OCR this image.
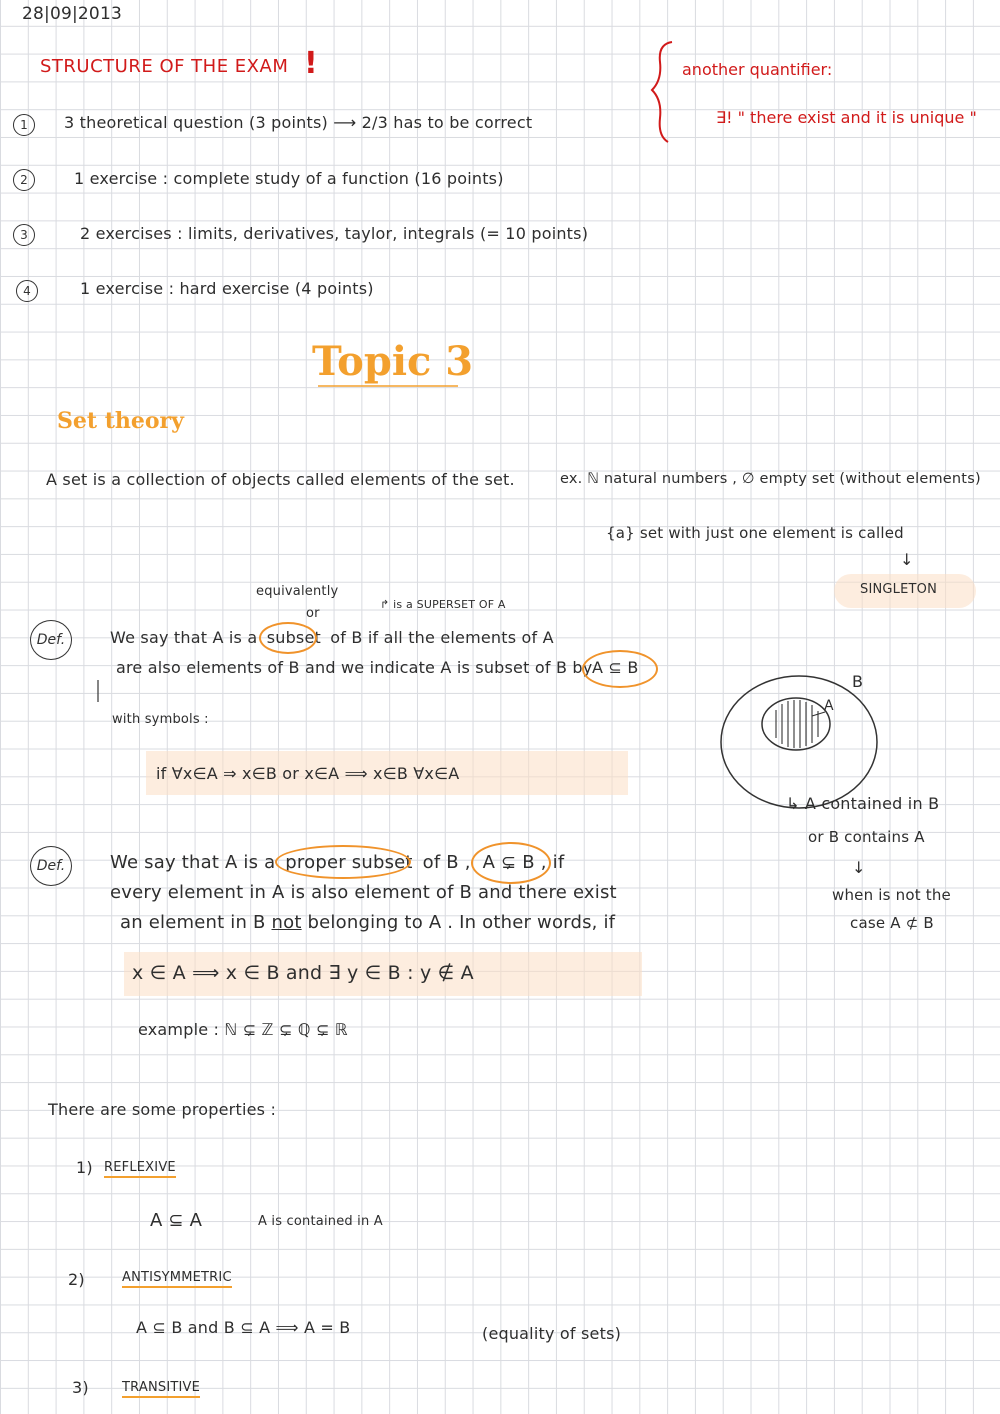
28|09|2013
STRUCTURE OF THE EXAM !
1	3 theoretical question (3 points) ⟶ 2/3 has to be correct
2	1 exercise : complete study of a function (16 points)
3	2 exercises : limits, derivatives, taylor, integrals (= 10 points)
4	1 exercise : hard exercise (4 points)
another quantifier:
∃! " there exist and it is unique "
Topic 3
Set theory
A set is a collection of objects called elements of the set.	ex. ℕ natural numbers , ∅ empty set (without elements)
{a} set with just one element is called
↓
SINGLETON
equivalently
or
↱ is a SUPERSET OF A
Def.	We say that A is a subset of B if all the elements of A
are also elements of B and we indicate A is subset of B by A ⊆ B
with symbols :
if ∀x∈A ⇒ x∈B or x∈A ⟹ x∈B ∀x∈A
B
A
↳ A contained in B
or B contains A
↓
when is not the
case A ⊄ B
Def.	We say that A is a proper subset of B , A ⊊ B , if
every element in A is also element of B and there exist
an element in B not belonging to A . In other words, if
x ∈ A ⟹ x ∈ B and ∃ y ∈ B : y ∉ A
example : ℕ ⊊ ℤ ⊊ ℚ ⊊ ℝ
There are some properties :
1) REFLEXIVE
A ⊆ A	A is contained in A
2)	ANTISYMMETRIC
A ⊆ B and B ⊆ A ⟹ A = B	(equality of sets)
3)	TRANSITIVE
